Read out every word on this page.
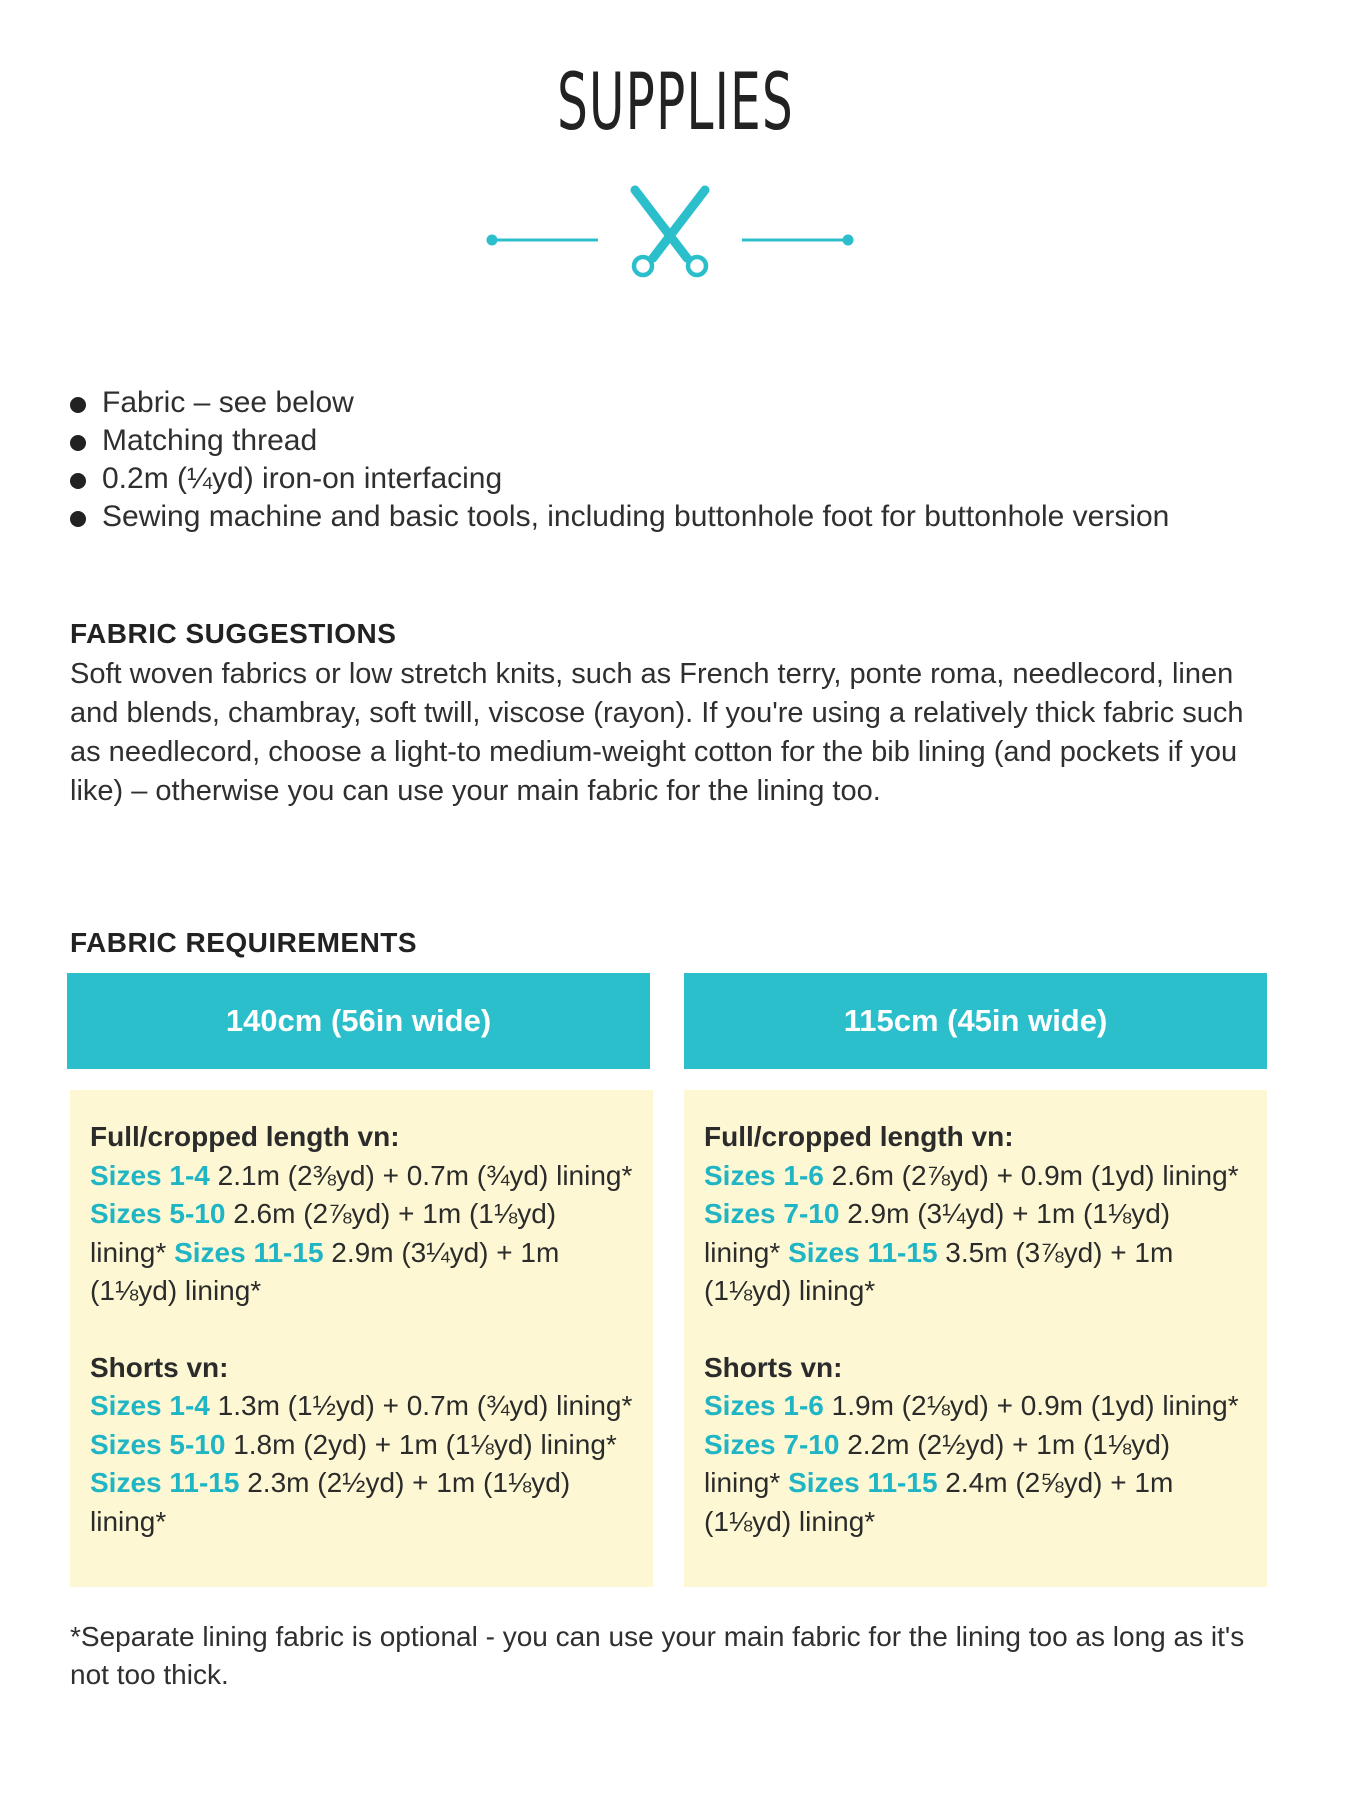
SUPPLIES
Fabric – see below
Matching thread
0.2m (¼yd) iron-on interfacing
Sewing machine and basic tools, including buttonhole foot for buttonhole version
FABRIC SUGGESTIONS
Soft woven fabrics or low stretch knits, such as French terry, ponte roma, needlecord, linen and blends, chambray, soft twill, viscose (rayon). If you're using a relatively thick fabric such as needlecord, choose a light-to medium-weight cotton for the bib lining (and pockets if you like) – otherwise you can use your main fabric for the lining too.
FABRIC REQUIREMENTS
140cm (56in wide)
Full/cropped length vn:

Sizes 1-4 2.1m (2⅜yd) + 0.7m (¾yd) lining* Sizes 5-10 2.6m (2⅞yd) + 1m (1⅛yd) lining* Sizes 11-15 2.9m (3¼yd) + 1m (1⅛yd) lining*

Shorts vn:

Sizes 1-4 1.3m (1½yd) + 0.7m (¾yd) lining* Sizes 5-10 1.8m (2yd) + 1m (1⅛yd) lining* Sizes 11-15 2.3m (2½yd) + 1m (1⅛yd) lining*

115cm (45in wide)
Full/cropped length vn:

Sizes 1-6 2.6m (2⅞yd) + 0.9m (1yd) lining* Sizes 7-10 2.9m (3¼yd) + 1m (1⅛yd) lining* Sizes 11-15 3.5m (3⅞yd) + 1m (1⅛yd) lining*

Shorts vn:

Sizes 1-6 1.9m (2⅛yd) + 0.9m (1yd) lining* Sizes 7-10 2.2m (2½yd) + 1m (1⅛yd) lining* Sizes 11-15 2.4m (2⅝yd) + 1m (1⅛yd) lining*

*Separate lining fabric is optional - you can use your main fabric for the lining too as long as it's not too thick.
